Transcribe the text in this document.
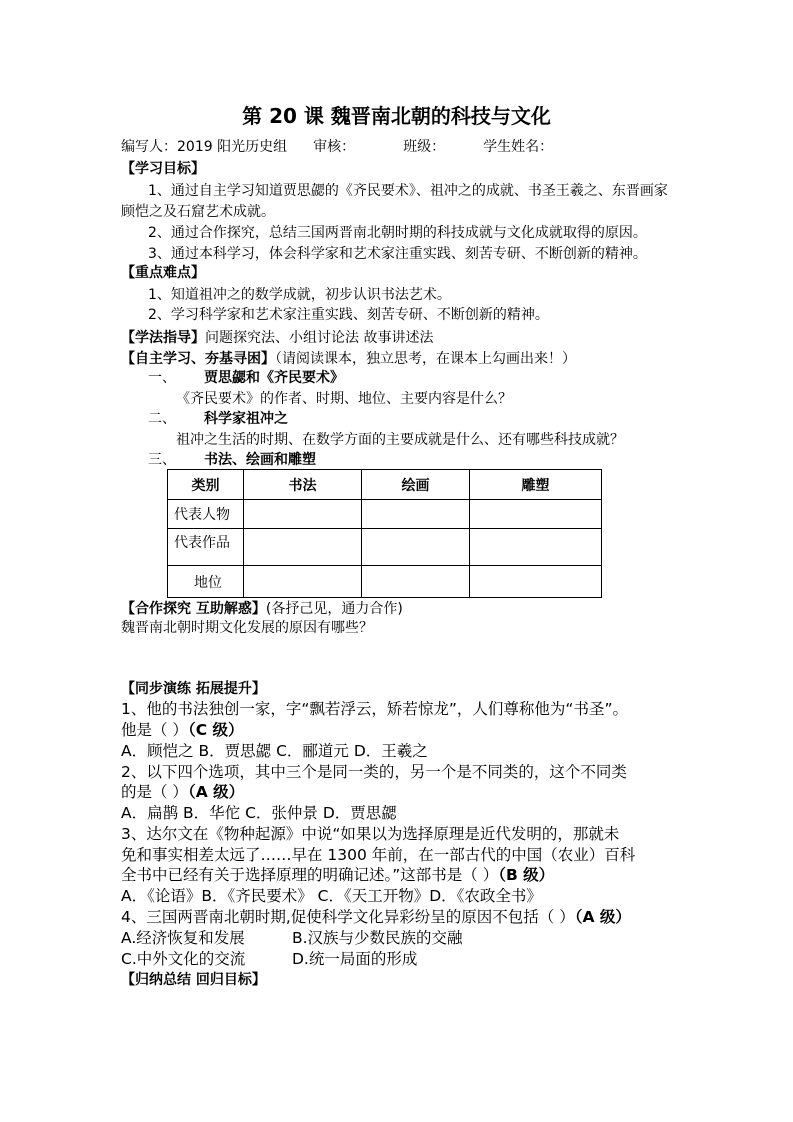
第 20 课 魏晋南北朝的科技与文化
编写人：2019 阳光历史组 审核：	班级：	学生姓名：
【学习目标】
1、通过自主学习知道贾思勰的《齐民要术》、祖冲之的成就、书圣王羲之、东晋画家
顾恺之及石窟艺术成就。
2、通过合作探究，总结三国两晋南北朝时期的科技成就与文化成就取得的原因。
3、通过本科学习，体会科学家和艺术家注重实践、刻苦专研、不断创新的精神。
【重点难点】
1、知道祖冲之的数学成就，初步认识书法艺术。
2、学习科学家和艺术家注重实践、刻苦专研、不断创新的精神。
【学法指导】问题探究法、小组讨论法 故事讲述法
【自主学习、夯基寻困】（请阅读课本，独立思考，在课本上勾画出来！）
一、 贾思勰和《齐民要术》
《齐民要术》的作者、时期、地位、主要内容是什么？
二、 科学家祖冲之
祖冲之生活的时期、在数学方面的主要成就是什么、还有哪些科技成就？
三、 书法、绘画和雕塑
类别	书法	绘画	雕塑
代表人物			
代表作品			
地位			
【合作探究 互助解惑】(各抒己见，通力合作)
魏晋南北朝时期文化发展的原因有哪些？
【同步演练 拓展提升】
1、他的书法独创一家，字“飘若浮云，矫若惊龙”，人们尊称他为“书圣”。
他是（ ）（C 级）
A．顾恺之 B．贾思勰 C．郦道元 D．王羲之
2、以下四个选项，其中三个是同一类的，另一个是不同类的，这个不同类
的是（ ）（A 级）
A．扁鹊 B．华佗 C．张仲景 D．贾思勰
3、达尔文在《物种起源》中说“如果以为选择原理是近代发明的，那就未
免和事实相差太远了……早在 1300 年前，在一部古代的中国（农业）百科
全书中已经有关于选择原理的明确记述。”这部书是（ ）（B 级）
A．《论语》B．《齐民要术》 C．《天工开物》D．《农政全书》
4、三国两晋南北朝时期,促使科学文化异彩纷呈的原因不包括（ ）（A 级）
A.经济恢复和发展	B.汉族与少数民族的交融
C.中外文化的交流	D.统一局面的形成
【归纳总结 回归目标】
